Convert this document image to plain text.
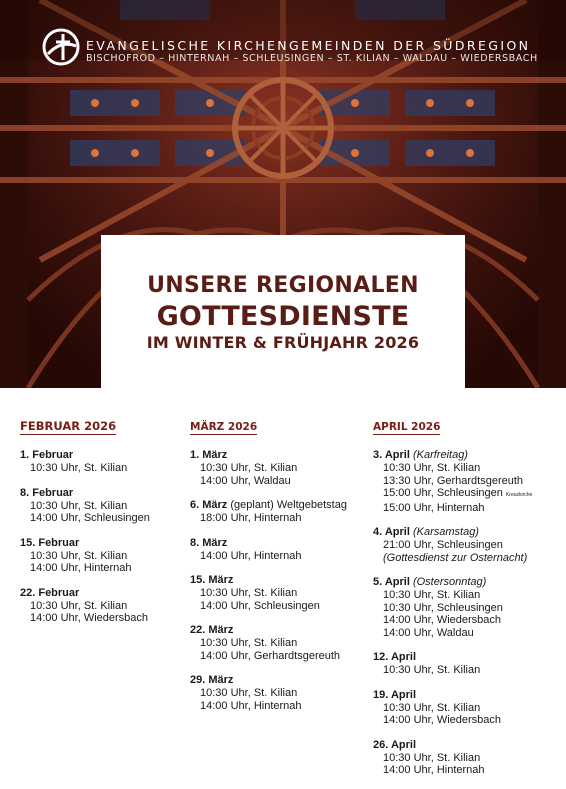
EVANGELISCHE KIRCHENGEMEINDEN DER SÜDREGION
BISCHOFROD – HINTERNAH – SCHLEUSINGEN – ST. KILIAN – WALDAU – WIEDERSBACH
UNSERE REGIONALEN
GOTTESDIENSTE
IM WINTER & FRÜHJAHR 2026
FEBRUAR 2026
1. Februar
10:30 Uhr, St. Kilian
8. Februar
10:30 Uhr, St. Kilian
14:00 Uhr, Schleusingen
15. Februar
10:30 Uhr, St. Kilian
14:00 Uhr, Hinternah
22. Februar
10:30 Uhr, St. Kilian
14:00 Uhr, Wiedersbach
MÄRZ 2026
1. März
10:30 Uhr, St. Kilian
14:00 Uhr, Waldau
6. März (geplant) Weltgebetstag
18:00 Uhr, Hinternah
8. März
14:00 Uhr, Hinternah
15. März
10:30 Uhr, St. Kilian
14:00 Uhr, Schleusingen
22. März
10:30 Uhr, St. Kilian
14:00 Uhr, Gerhardtsgereuth
29. März
10:30 Uhr, St. Kilian
14:00 Uhr, Hinternah
APRIL 2026
3. April (Karfreitag)
10:30 Uhr, St. Kilian
13:30 Uhr, Gerhardtsgereuth
15:00 Uhr, Schleusingen Kreuzkirche
15:00 Uhr, Hinternah
4. April (Karsamstag)
21:00 Uhr, Schleusingen
(Gottesdienst zur Osternacht)
5. April (Ostersonntag)
10:30 Uhr, St. Kilian
10:30 Uhr, Schleusingen
14:00 Uhr, Wiedersbach
14:00 Uhr, Waldau
12. April
10:30 Uhr, St. Kilian
19. April
10:30 Uhr, St. Kilian
14:00 Uhr, Wiedersbach
26. April
10:30 Uhr, St. Kilian
14:00 Uhr, Hinternah
